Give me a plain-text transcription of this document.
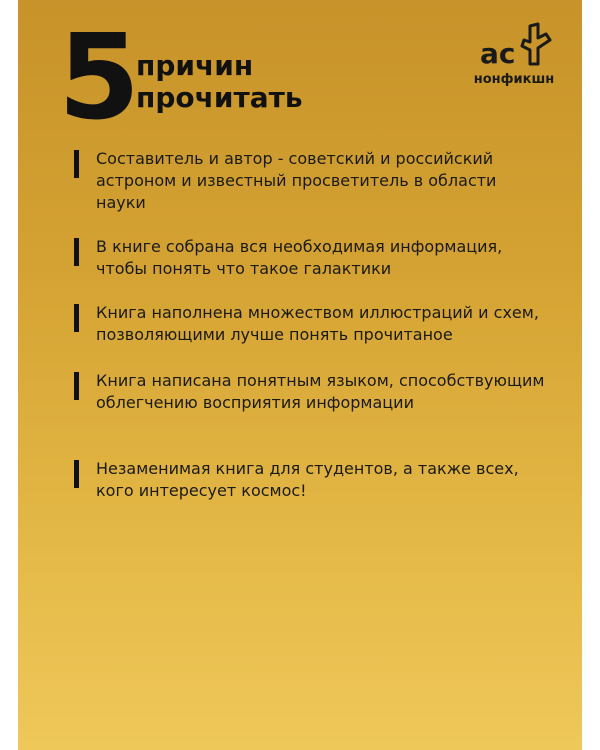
5
причин
прочитать
ас
нонфикшн
Составитель и автор - советский и российский астроном и известный просветитель в области науки
В книге собрана вся необходимая информация, чтобы понять что такое галактики
Книга наполнена множеством иллюстраций и схем, позволяющими лучше понять прочитаное
Книга написана понятным языком, способствующим облегчению восприятия информации
Незаменимая книга для студентов, а также всех, кого интересует космос!
